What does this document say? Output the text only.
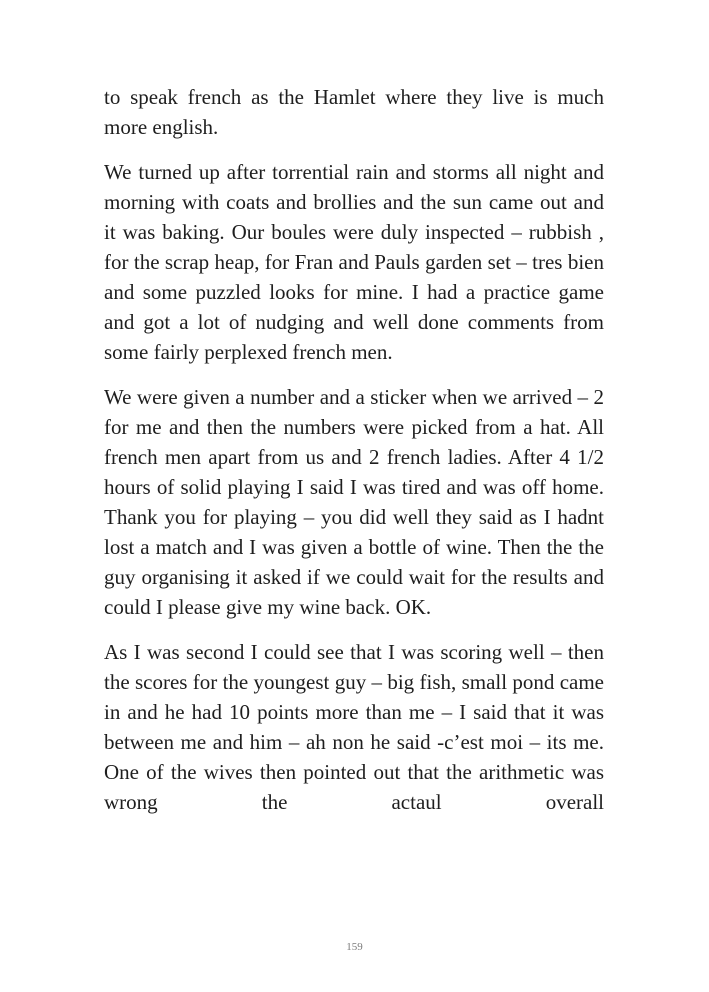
to speak french as the Hamlet where they live is much more english.

We turned up after torrential rain and storms all night and morning with coats and brollies and the sun came out and it was baking. Our boules were duly inspected – rubbish , for the scrap heap, for Fran and Pauls garden set – tres bien and some puzzled looks for mine. I had a practice game and got a lot of nudging and well done comments from some fairly perplexed french men.

We were given a number and a sticker when we arrived – 2 for me and then the numbers were picked from a hat. All french men apart from us and 2 french ladies. After 4 1/2 hours of solid playing I said I was tired and was off home. Thank you for playing – you did well they said as I hadnt lost a match and I was given a bottle of wine. Then the the guy organising it asked if we could wait for the results and could I please give my wine back. OK.

As I was second I could see that I was scoring well – then the scores for the youngest guy – big fish, small pond came in and he had 10 points more than me – I said that it was between me and him – ah non he said -c’est moi – its me. One of the wives then pointed out that the arithmetic was wrong the actaul overall

159
